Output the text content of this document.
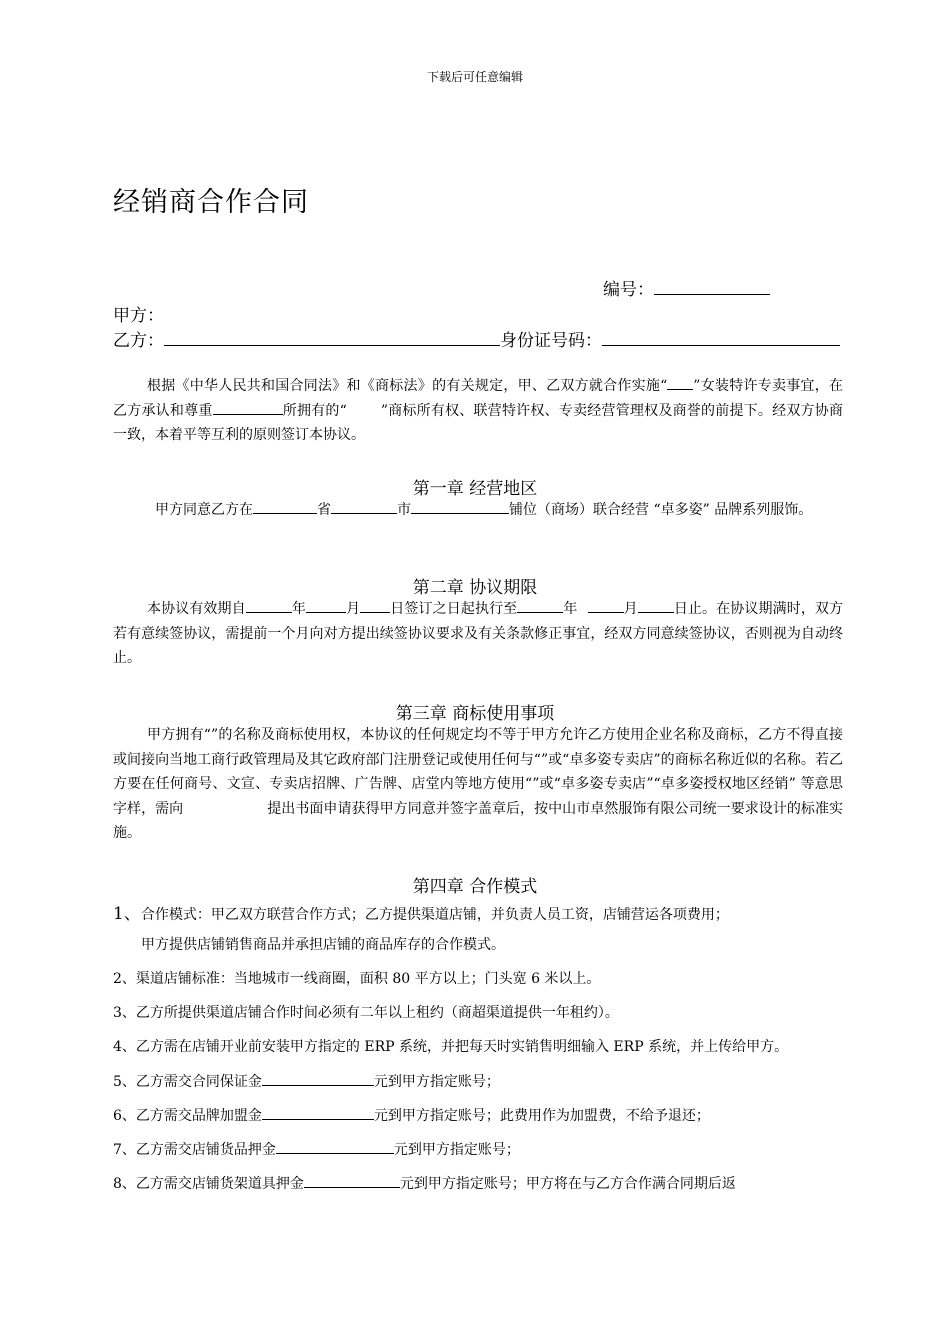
下载后可任意编辑
经销商合作合同
编号：
甲方：
乙方：	身份证号码：
根据《中华人民共和国合同法》和《商标法》的有关规定，甲、乙双方就合作实施“ ”女装特许专卖事宜，在乙方承认和尊重	所拥有的“ ”商标所有权、联营特许权、专卖经营管理权及商誉的前提下。经双方协商一致，本着平等互利的原则签订本协议。
第一章 经营地区
甲方同意乙方在	省	市	铺位（商场）联合经营 “卓多姿” 品牌系列服饰。
第二章 协议期限
本协议有效期自	年	月 日签订之日起执行至	年	月	日止。在协议期满时，双方若有意续签协议，需提前一个月向对方提出续签协议要求及有关条款修正事宜，经双方同意续签协议，否则视为自动终止。
第三章 商标使用事项
甲方拥有“”的名称及商标使用权，本协议的任何规定均不等于甲方允许乙方使用企业名称及商标，乙方不得直接或间接向当地工商行政管理局及其它政府部门注册登记或使用任何与“”或“卓多姿专卖店”的商标名称近似的名称。若乙方要在任何商号、文宣、专卖店招牌、广告牌、店堂内等地方使用“”或“卓多姿专卖店”“卓多姿授权地区经销” 等意思字样，需向	提出书面申请获得甲方同意并签字盖章后，按中山市卓然服饰有限公司统一要求设计的标准实施。
第四章 合作模式
1、合作模式：甲乙双方联营合作方式；乙方提供渠道店铺，并负责人员工资，店铺营运各项费用；
甲方提供店铺销售商品并承担店铺的商品库存的合作模式。
2、渠道店铺标准：当地城市一线商圈，面积 80 平方以上；门头宽 6 米以上。
3、乙方所提供渠道店铺合作时间必须有二年以上租约（商超渠道提供一年租约）。
4、乙方需在店铺开业前安装甲方指定的 ERP 系统，并把每天时实销售明细输入 ERP 系统，并上传给甲方。
5、乙方需交合同保证金	元到甲方指定账号；
6、乙方需交品牌加盟金	元到甲方指定账号；此费用作为加盟费，不给予退还；
7、乙方需交店铺货品押金	元到甲方指定账号；
8、乙方需交店铺货架道具押金	元到甲方指定账号；甲方将在与乙方合作满合同期后返
